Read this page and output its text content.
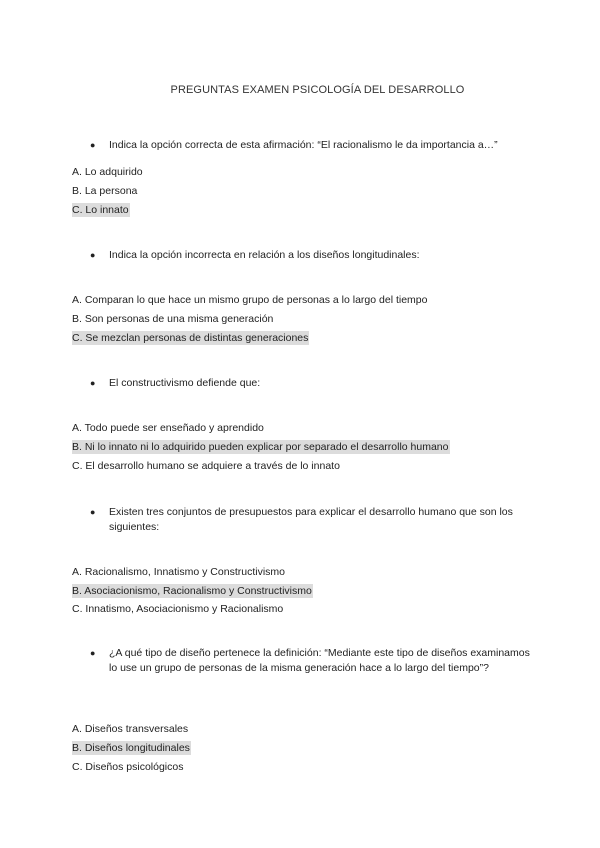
PREGUNTAS EXAMEN PSICOLOGÍA DEL DESARROLLO
● Indica la opción correcta de esta afirmación: “El racionalismo le da importancia a…”
A. Lo adquirido
B. La persona
C. Lo innato
● Indica la opción incorrecta en relación a los diseños longitudinales:
A. Comparan lo que hace un mismo grupo de personas a lo largo del tiempo
B. Son personas de una misma generación
C. Se mezclan personas de distintas generaciones
● El constructivismo defiende que:
A. Todo puede ser enseñado y aprendido
B. Ni lo innato ni lo adquirido pueden explicar por separado el desarrollo humano
C. El desarrollo humano se adquiere a través de lo innato
● Existen tres conjuntos de presupuestos para explicar el desarrollo humano que son los siguientes:
A. Racionalismo, Innatismo y Constructivismo
B. Asociacionismo, Racionalismo y Constructivismo
C. Innatismo, Asociacionismo y Racionalismo
● ¿A qué tipo de diseño pertenece la definición: “Mediante este tipo de diseños examinamos lo use un grupo de personas de la misma generación hace a lo largo del tiempo”?
A. Diseños transversales
B. Diseños longitudinales
C. Diseños psicológicos
